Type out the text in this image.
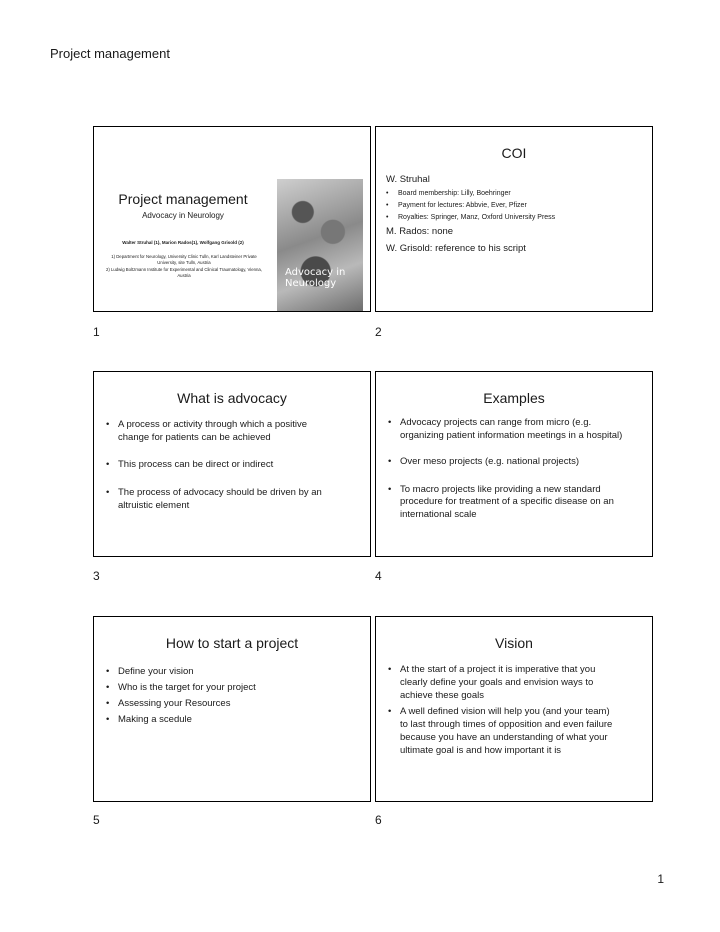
Project management
Project management
Advocacy in Neurology
Walter Struhal (1), Marion Rados(1), Wolfgang Grisold (2)
1) Department for Neurology, University Clinic Tulln, Karl Landsteiner Private University, site Tulln, Austria
2) Ludwig Boltzmann Institute for Experimental and Clinical Traumatology, Vienna, Austria	Advocacy in Neurology
1
COI
W. Struhal
• Board membership: Lilly, Boehringer
• Payment for lectures: Abbvie, Ever, Pfizer
• Royalties: Springer, Manz, Oxford University Press
M. Rados: none
W. Grisold: reference to his script
2
What is advocacy
• A process or activity through which a positive change for patients can be achieved
• This process can be direct or indirect
• The process of advocacy should be driven by an altruistic element
3
Examples
• Advocacy projects can range from micro (e.g. organizing patient information meetings in a hospital)
• Over meso projects (e.g. national projects)
• To macro projects like providing a new standard procedure for treatment of a specific disease on an international scale
4
How to start a project
• Define your vision
• Who is the target for your project
• Assessing your Resources
• Making a scedule
5
Vision
• At the start of a project it is imperative that you clearly define your goals and envision ways to achieve these goals
• A well defined vision will help you (and your team) to last through times of opposition and even failure because you have an understanding of what your ultimate goal is and how important it is
6
1
